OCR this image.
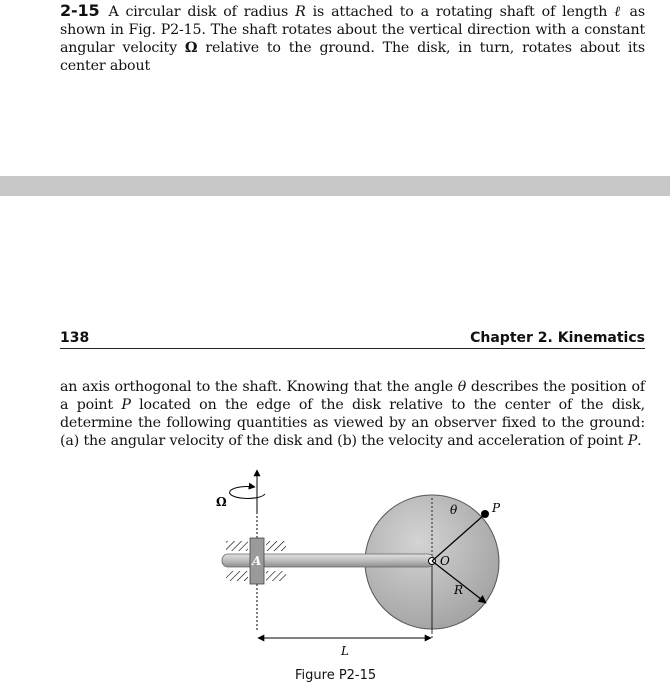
2-15 A circular disk of radius R is attached to a rotating shaft of length ℓ as shown in Fig. P2-15. The shaft rotates about the vertical direction with a constant angular velocity Ω relative to the ground. The disk, in turn, rotates about its center about
138	Chapter 2. Kinematics
an axis orthogonal to the shaft. Knowing that the angle θ describes the position of a point P located on the edge of the disk relative to the center of the disk, determine the following quantities as viewed by an observer fixed to the ground: (a) the angular velocity of the disk and (b) the velocity and acceleration of point P.
Ω
A	O
P
θ
R
L
Figure P2-15
